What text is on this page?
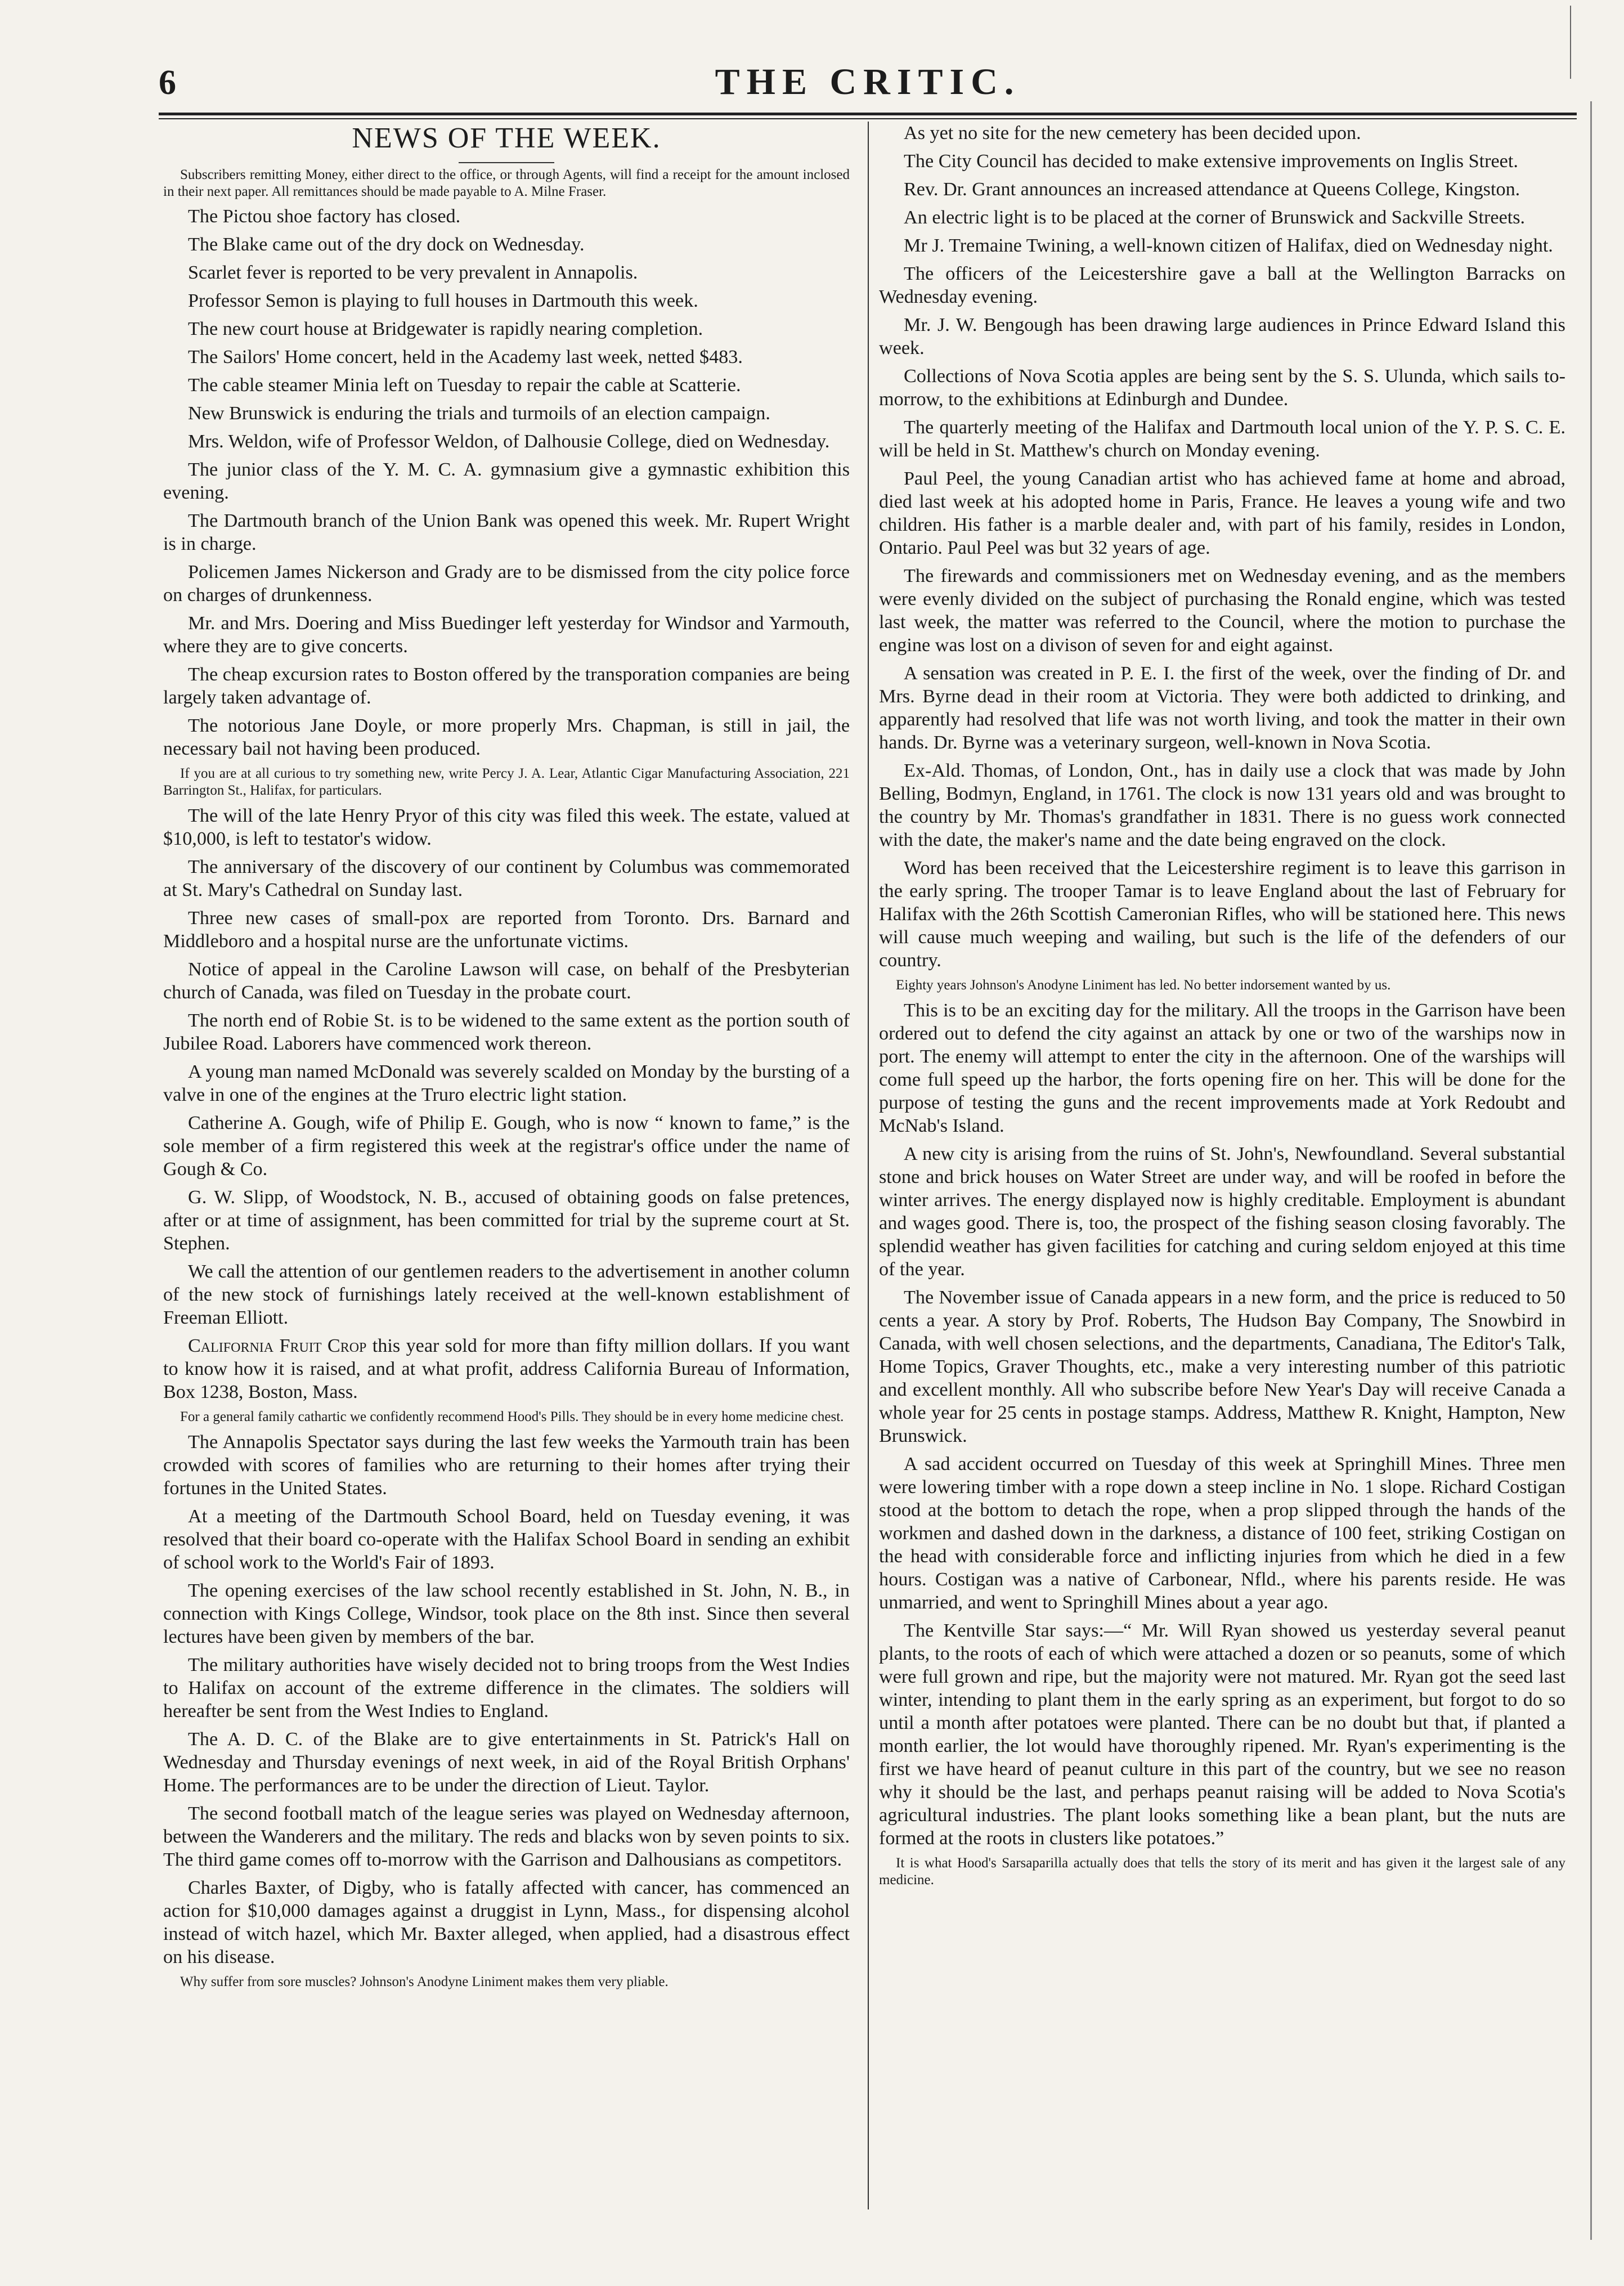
6	THE CRITIC.
NEWS OF THE WEEK.

Subscribers remitting Money, either direct to the office, or through Agents, will find a receipt for the amount inclosed in their next paper. All remittances should be made payable to A. Milne Fraser.

The Pictou shoe factory has closed.

The Blake came out of the dry dock on Wednesday.

Scarlet fever is reported to be very prevalent in Annapolis.

Professor Semon is playing to full houses in Dartmouth this week.

The new court house at Bridgewater is rapidly nearing completion.

The Sailors' Home concert, held in the Academy last week, netted $483.

The cable steamer Minia left on Tuesday to repair the cable at Scatterie.

New Brunswick is enduring the trials and turmoils of an election campaign.

Mrs. Weldon, wife of Professor Weldon, of Dalhousie College, died on Wednesday.

The junior class of the Y. M. C. A. gymnasium give a gymnastic exhibition this evening.

The Dartmouth branch of the Union Bank was opened this week. Mr. Rupert Wright is in charge.

Policemen James Nickerson and Grady are to be dismissed from the city police force on charges of drunkenness.

Mr. and Mrs. Doering and Miss Buedinger left yesterday for Windsor and Yarmouth, where they are to give concerts.

The cheap excursion rates to Boston offered by the transporation companies are being largely taken advantage of.

The notorious Jane Doyle, or more properly Mrs. Chapman, is still in jail, the necessary bail not having been produced.

If you are at all curious to try something new, write Percy J. A. Lear, Atlantic Cigar Manufacturing Association, 221 Barrington St., Halifax, for particulars.

The will of the late Henry Pryor of this city was filed this week. The estate, valued at $10,000, is left to testator's widow.

The anniversary of the discovery of our continent by Columbus was commemorated at St. Mary's Cathedral on Sunday last.

Three new cases of small-pox are reported from Toronto. Drs. Barnard and Middleboro and a hospital nurse are the unfortunate victims.

Notice of appeal in the Caroline Lawson will case, on behalf of the Presbyterian church of Canada, was filed on Tuesday in the probate court.

The north end of Robie St. is to be widened to the same extent as the portion south of Jubilee Road. Laborers have commenced work thereon.

A young man named McDonald was severely scalded on Monday by the bursting of a valve in one of the engines at the Truro electric light station.

Catherine A. Gough, wife of Philip E. Gough, who is now “ known to fame,” is the sole member of a firm registered this week at the registrar's office under the name of Gough & Co.

G. W. Slipp, of Woodstock, N. B., accused of obtaining goods on false pretences, after or at time of assignment, has been committed for trial by the supreme court at St. Stephen.

We call the attention of our gentlemen readers to the advertisement in another column of the new stock of furnishings lately received at the well-known establishment of Freeman Elliott.

California Fruit Crop this year sold for more than fifty million dollars. If you want to know how it is raised, and at what profit, address California Bureau of Information, Box 1238, Boston, Mass.

For a general family cathartic we confidently recommend Hood's Pills. They should be in every home medicine chest.

The Annapolis Spectator says during the last few weeks the Yarmouth train has been crowded with scores of families who are returning to their homes after trying their fortunes in the United States.

At a meeting of the Dartmouth School Board, held on Tuesday evening, it was resolved that their board co-operate with the Halifax School Board in sending an exhibit of school work to the World's Fair of 1893.

The opening exercises of the law school recently established in St. John, N. B., in connection with Kings College, Windsor, took place on the 8th inst. Since then several lectures have been given by members of the bar.

The military authorities have wisely decided not to bring troops from the West Indies to Halifax on account of the extreme difference in the climates. The soldiers will hereafter be sent from the West Indies to England.

The A. D. C. of the Blake are to give entertainments in St. Patrick's Hall on Wednesday and Thursday evenings of next week, in aid of the Royal British Orphans' Home. The performances are to be under the direction of Lieut. Taylor.

The second football match of the league series was played on Wednesday afternoon, between the Wanderers and the military. The reds and blacks won by seven points to six. The third game comes off to-morrow with the Garrison and Dalhousians as competitors.

Charles Baxter, of Digby, who is fatally affected with cancer, has commenced an action for $10,000 damages against a druggist in Lynn, Mass., for dispensing alcohol instead of witch hazel, which Mr. Baxter alleged, when applied, had a disastrous effect on his disease.

Why suffer from sore muscles? Johnson's Anodyne Liniment makes them very pliable.

As yet no site for the new cemetery has been decided upon.

The City Council has decided to make extensive improvements on Inglis Street.

Rev. Dr. Grant announces an increased attendance at Queens College, Kingston.

An electric light is to be placed at the corner of Brunswick and Sackville Streets.

Mr J. Tremaine Twining, a well-known citizen of Halifax, died on Wednesday night.

The officers of the Leicestershire gave a ball at the Wellington Barracks on Wednesday evening.

Mr. J. W. Bengough has been drawing large audiences in Prince Edward Island this week.

Collections of Nova Scotia apples are being sent by the S. S. Ulunda, which sails to-morrow, to the exhibitions at Edinburgh and Dundee.

The quarterly meeting of the Halifax and Dartmouth local union of the Y. P. S. C. E. will be held in St. Matthew's church on Monday evening.

Paul Peel, the young Canadian artist who has achieved fame at home and abroad, died last week at his adopted home in Paris, France. He leaves a young wife and two children. His father is a marble dealer and, with part of his family, resides in London, Ontario. Paul Peel was but 32 years of age.

The firewards and commissioners met on Wednesday evening, and as the members were evenly divided on the subject of purchasing the Ronald engine, which was tested last week, the matter was referred to the Council, where the motion to purchase the engine was lost on a divison of seven for and eight against.

A sensation was created in P. E. I. the first of the week, over the finding of Dr. and Mrs. Byrne dead in their room at Victoria. They were both addicted to drinking, and apparently had resolved that life was not worth living, and took the matter in their own hands. Dr. Byrne was a veterinary surgeon, well-known in Nova Scotia.

Ex-Ald. Thomas, of London, Ont., has in daily use a clock that was made by John Belling, Bodmyn, England, in 1761. The clock is now 131 years old and was brought to the country by Mr. Thomas's grandfather in 1831. There is no guess work connected with the date, the maker's name and the date being engraved on the clock.

Word has been received that the Leicestershire regiment is to leave this garrison in the early spring. The trooper Tamar is to leave England about the last of February for Halifax with the 26th Scottish Cameronian Rifles, who will be stationed here. This news will cause much weeping and wailing, but such is the life of the defenders of our country.

Eighty years Johnson's Anodyne Liniment has led. No better indorsement wanted by us.

This is to be an exciting day for the military. All the troops in the Garrison have been ordered out to defend the city against an attack by one or two of the warships now in port. The enemy will attempt to enter the city in the afternoon. One of the warships will come full speed up the harbor, the forts opening fire on her. This will be done for the purpose of testing the guns and the recent improvements made at York Redoubt and McNab's Island.

A new city is arising from the ruins of St. John's, Newfoundland. Several substantial stone and brick houses on Water Street are under way, and will be roofed in before the winter arrives. The energy displayed now is highly creditable. Employment is abundant and wages good. There is, too, the prospect of the fishing season closing favorably. The splendid weather has given facilities for catching and curing seldom enjoyed at this time of the year.

The November issue of Canada appears in a new form, and the price is reduced to 50 cents a year. A story by Prof. Roberts, The Hudson Bay Company, The Snowbird in Canada, with well chosen selections, and the departments, Canadiana, The Editor's Talk, Home Topics, Graver Thoughts, etc., make a very interesting number of this patriotic and excellent monthly. All who subscribe before New Year's Day will receive Canada a whole year for 25 cents in postage stamps. Address, Matthew R. Knight, Hampton, New Brunswick.

A sad accident occurred on Tuesday of this week at Springhill Mines. Three men were lowering timber with a rope down a steep incline in No. 1 slope. Richard Costigan stood at the bottom to detach the rope, when a prop slipped through the hands of the workmen and dashed down in the darkness, a distance of 100 feet, striking Costigan on the head with considerable force and inflicting injuries from which he died in a few hours. Costigan was a native of Carbonear, Nfld., where his parents reside. He was unmarried, and went to Springhill Mines about a year ago.

The Kentville Star says:—“ Mr. Will Ryan showed us yesterday several peanut plants, to the roots of each of which were attached a dozen or so peanuts, some of which were full grown and ripe, but the majority were not matured. Mr. Ryan got the seed last winter, intending to plant them in the early spring as an experiment, but forgot to do so until a month after potatoes were planted. There can be no doubt but that, if planted a month earlier, the lot would have thoroughly ripened. Mr. Ryan's experimenting is the first we have heard of peanut culture in this part of the country, but we see no reason why it should be the last, and perhaps peanut raising will be added to Nova Scotia's agricultural industries. The plant looks something like a bean plant, but the nuts are formed at the roots in clusters like potatoes.”

It is what Hood's Sarsaparilla actually does that tells the story of its merit and has given it the largest sale of any medicine.
